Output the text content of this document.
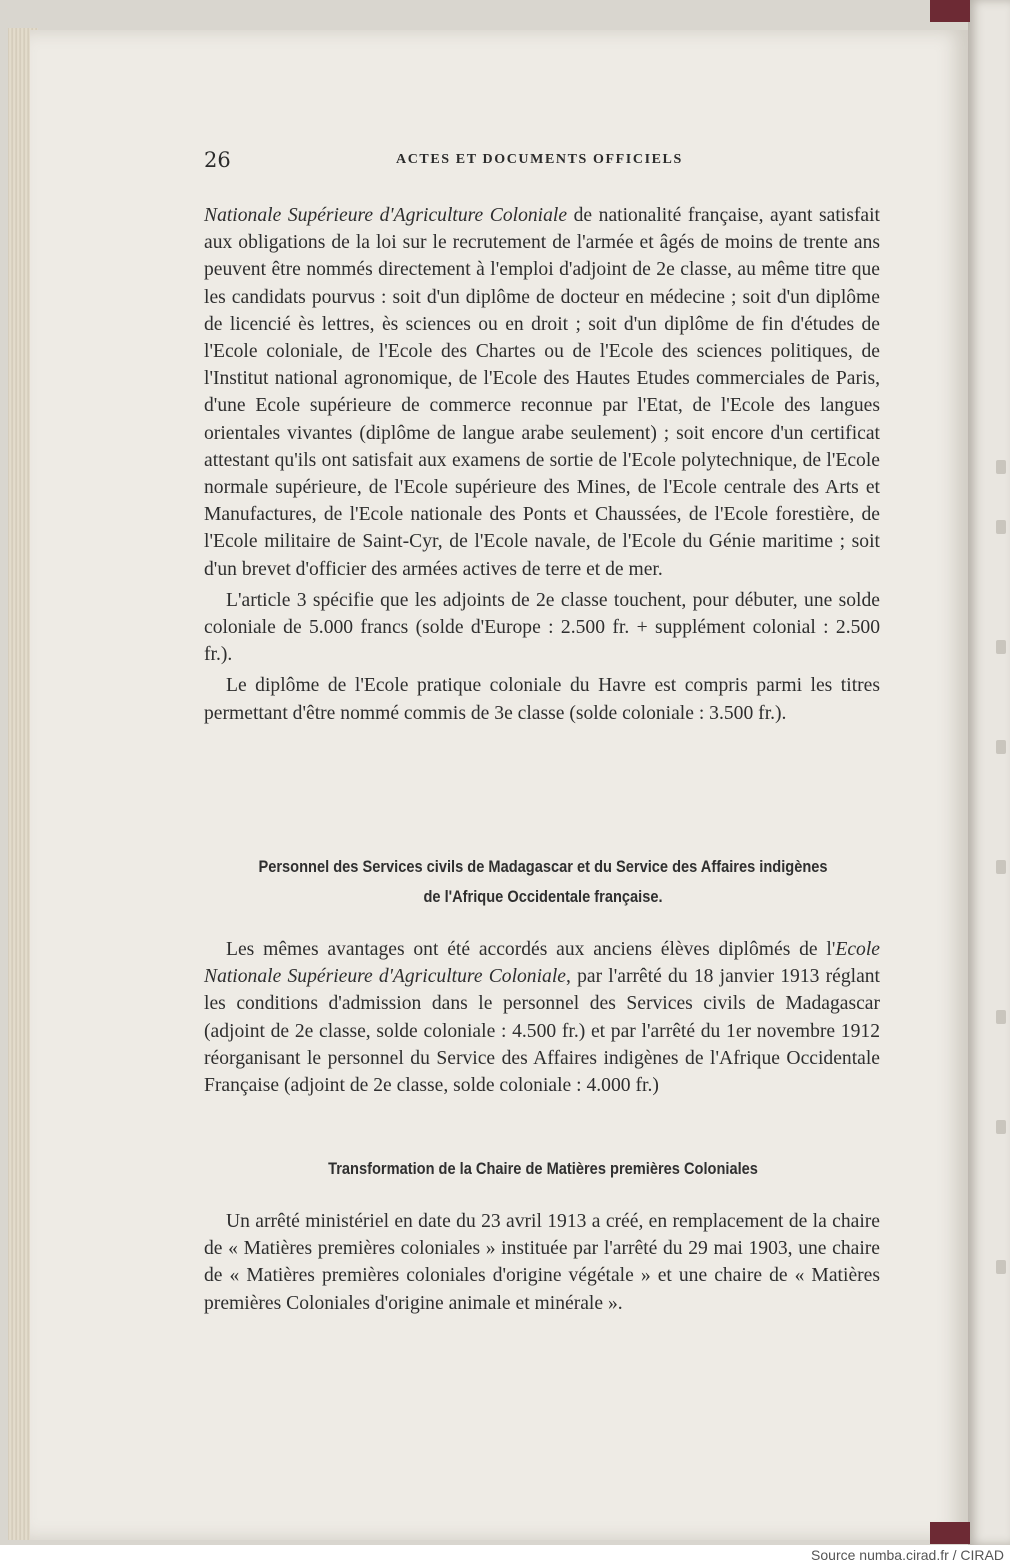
26	ACTES ET DOCUMENTS OFFICIELS

Nationale Supérieure d'Agriculture Coloniale de nationalité française, ayant satisfait aux obligations de la loi sur le recrutement de l'armée et âgés de moins de trente ans peuvent être nommés directement à l'emploi d'adjoint de 2e classe, au même titre que les candidats pourvus : soit d'un diplôme de docteur en médecine ; soit d'un diplôme de licencié ès lettres, ès sciences ou en droit ; soit d'un diplôme de fin d'études de l'Ecole coloniale, de l'Ecole des Chartes ou de l'Ecole des sciences politiques, de l'Institut national agronomique, de l'Ecole des Hautes Etudes commerciales de Paris, d'une Ecole supérieure de commerce reconnue par l'Etat, de l'Ecole des langues orientales vivantes (diplôme de langue arabe seulement) ; soit encore d'un certificat attestant qu'ils ont satisfait aux examens de sortie de l'Ecole polytechnique, de l'Ecole normale supérieure, de l'Ecole supérieure des Mines, de l'Ecole centrale des Arts et Manufactures, de l'Ecole nationale des Ponts et Chaussées, de l'Ecole forestière, de l'Ecole militaire de Saint-Cyr, de l'Ecole navale, de l'Ecole du Génie maritime ; soit d'un brevet d'officier des armées actives de terre et de mer.

L'article 3 spécifie que les adjoints de 2e classe touchent, pour débuter, une solde coloniale de 5.000 francs (solde d'Europe : 2.500 fr. + supplément colonial : 2.500 fr.).

Le diplôme de l'Ecole pratique coloniale du Havre est compris parmi les titres permettant d'être nommé commis de 3e classe (solde coloniale : 3.500 fr.).

Personnel des Services civils de Madagascar et du Service des Affaires indigènes
de l'Afrique Occidentale française.

Les mêmes avantages ont été accordés aux anciens élèves diplômés de l'Ecole Nationale Supérieure d'Agriculture Coloniale, par l'arrêté du 18 janvier 1913 réglant les conditions d'admission dans le personnel des Services civils de Madagascar (adjoint de 2e classe, solde coloniale : 4.500 fr.) et par l'arrêté du 1er novembre 1912 réorganisant le personnel du Service des Affaires indigènes de l'Afrique Occidentale Française (adjoint de 2e classe, solde coloniale : 4.000 fr.)

Transformation de la Chaire de Matières premières Coloniales

Un arrêté ministériel en date du 23 avril 1913 a créé, en remplacement de la chaire de « Matières premières coloniales » instituée par l'arrêté du 29 mai 1903, une chaire de « Matières premières coloniales d'origine végétale » et une chaire de « Matières premières Coloniales d'origine animale et minérale ».

Source numba.cirad.fr / CIRAD
